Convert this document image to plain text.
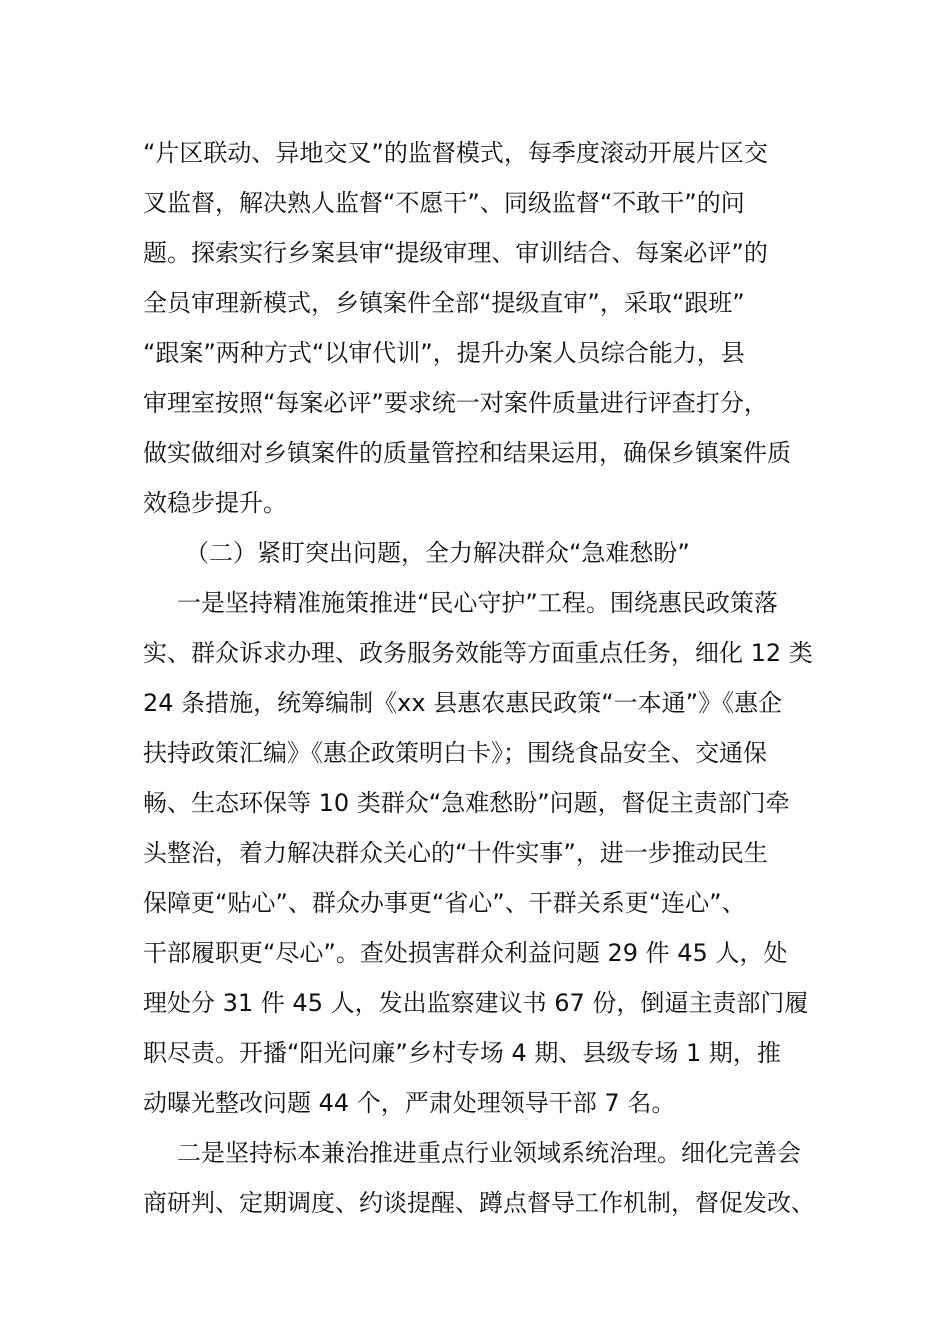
“片区联动、异地交叉”的监督模式，每季度滚动开展片区交
叉监督，解决熟人监督“不愿干”、同级监督“不敢干”的问
题。探索实行乡案县审“提级审理、审训结合、每案必评”的
全员审理新模式，乡镇案件全部“提级直审”，采取“跟班”
“跟案”两种方式“以审代训”，提升办案人员综合能力，县
审理室按照“每案必评”要求统一对案件质量进行评查打分，
做实做细对乡镇案件的质量管控和结果运用，确保乡镇案件质
效稳步提升。
（二）紧盯突出问题，全力解决群众“急难愁盼”
一是坚持精准施策推进“民心守护”工程。围绕惠民政策落
实、群众诉求办理、政务服务效能等方面重点任务，细化 12 类
24 条措施，统筹编制《xx 县惠农惠民政策“一本通”》《惠企
扶持政策汇编》《惠企政策明白卡》；围绕食品安全、交通保
畅、生态环保等 10 类群众“急难愁盼”问题，督促主责部门牵
头整治，着力解决群众关心的“十件实事”，进一步推动民生
保障更“贴心”、群众办事更“省心”、干群关系更“连心”、
干部履职更“尽心”。查处损害群众利益问题 29 件 45 人，处
理处分 31 件 45 人，发出监察建议书 67 份，倒逼主责部门履
职尽责。开播“阳光问廉”乡村专场 4 期、县级专场 1 期，推
动曝光整改问题 44 个，严肃处理领导干部 7 名。
二是坚持标本兼治推进重点行业领域系统治理。细化完善会
商研判、定期调度、约谈提醒、蹲点督导工作机制，督促发改、
